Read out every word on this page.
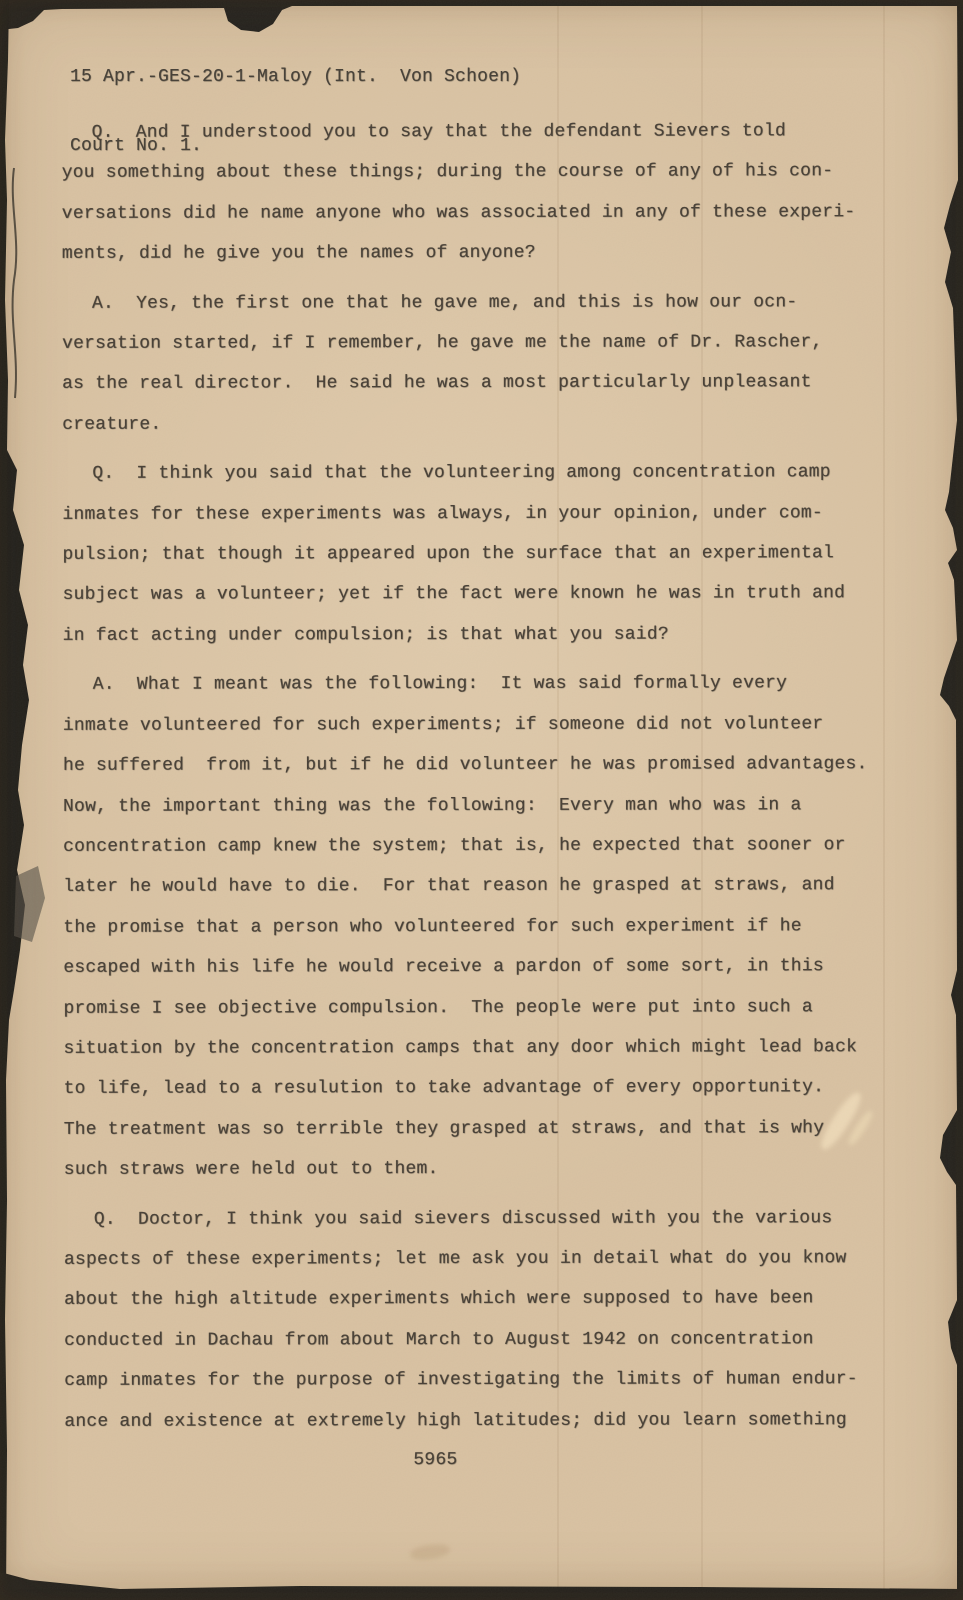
15 Apr.-GES-20-1-Maloy (Int.  Von Schoen)

Court No. 1.

Q.  And I understood you to say that the defendant Sievers told
you something about these things; during the course of any of his con-
versations did he name anyone who was associated in any of these experi-
ments, did he give you the names of anyone?

A.  Yes, the first one that he gave me, and this is how our ocn-
versation started, if I remember, he gave me the name of Dr. Rascher,
as the real director.  He said he was a most particularly unpleasant
creature.

Q.  I think you said that the volunteering among concentration camp
inmates for these experiments was always, in your opinion, under com-
pulsion; that though it appeared upon the surface that an experimental
subject was a volunteer; yet if the fact were known he was in truth and
in fact acting under compulsion; is that what you said?

A.  What I meant was the following:  It was said formally every
inmate volunteered for such experiments; if someone did not volunteer
he suffered  from it, but if he did volunteer he was promised advantages.
Now, the important thing was the following:  Every man who was in a
concentration camp knew the system; that is, he expected that sooner or
later he would have to die.  For that reason he grasped at straws, and
the promise that a person who volunteered for such experiment if he
escaped with his life he would receive a pardon of some sort, in this
promise I see objective compulsion.  The people were put into such a
situation by the concentration camps that any door which might lead back
to life, lead to a resulution to take advantage of every opportunity.
The treatment was so terrible they grasped at straws, and that is why
such straws were held out to them.

Q.  Doctor, I think you said sievers discussed with you the various
aspects of these experiments; let me ask you in detail what do you know
about the high altitude experiments which were supposed to have been
conducted in Dachau from about March to August 1942 on concentration
camp inmates for the purpose of investigating the limits of human endur-
ance and existence at extremely high latitudes; did you learn something

5965
